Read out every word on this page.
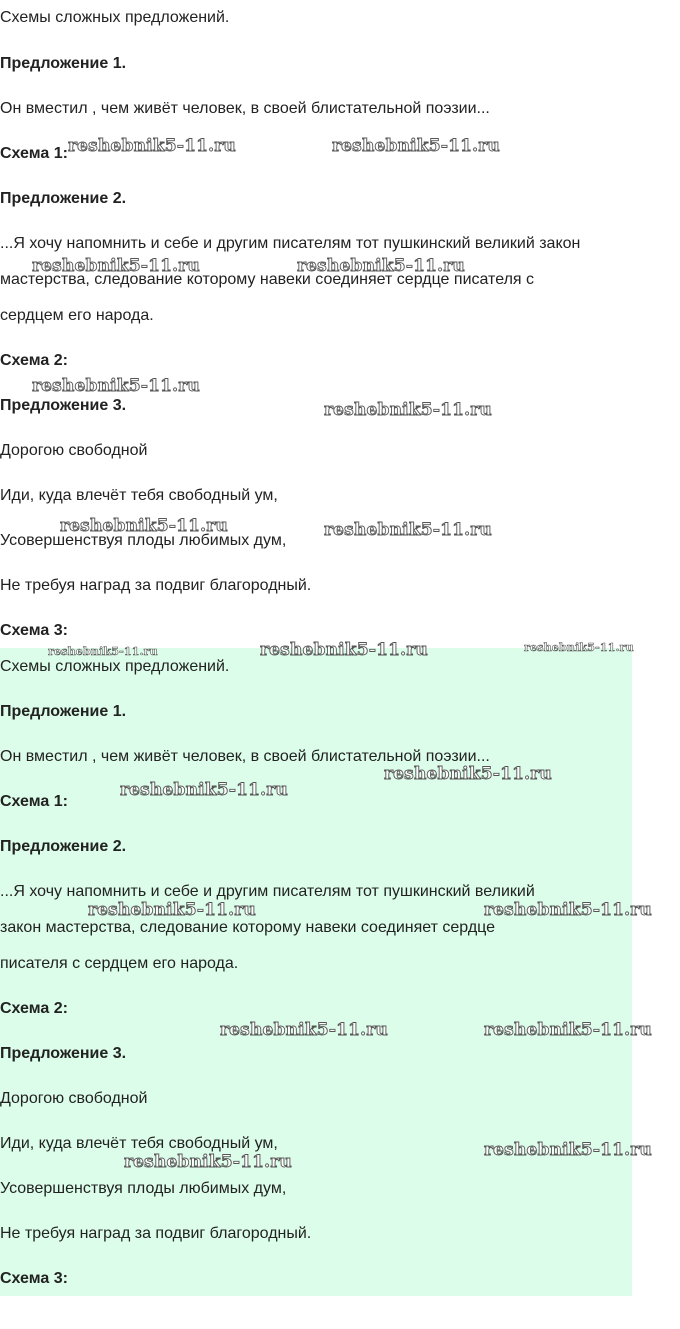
Схемы сложных предложений.

Предложение 1.

Он вместил , чем живёт человек, в своей блистательной поэзии...

Схема 1:

Предложение 2.

...Я хочу напомнить и себе и другим писателям тот пушкинский великий закон

мастерства, следование которому навеки соединяет сердце писателя с

сердцем его народа.

Схема 2:

Предложение 3.

Дорогою свободной

Иди, куда влечёт тебя свободный ум,

Усовершенствуя плоды любимых дум,

Не требуя наград за подвиг благородный.

Схема 3:

Схемы сложных предложений.

Предложение 1.

Он вместил , чем живёт человек, в своей блистательной поэзии...

Схема 1:

Предложение 2.

...Я хочу напомнить и себе и другим писателям тот пушкинский великий

закон мастерства, следование которому навеки соединяет сердце

писателя с сердцем его народа.

Схема 2:

Предложение 3.

Дорогою свободной

Иди, куда влечёт тебя свободный ум,

Усовершенствуя плоды любимых дум,

Не требуя наград за подвиг благородный.

Схема 3:

reshebnik5-11.ru	reshebnik5-11.ru
reshebnik5-11.ru	reshebnik5-11.ru
reshebnik5-11.ru
reshebnik5-11.ru
reshebnik5-11.ru	reshebnik5-11.ru
reshebnik5-11.ru	reshebnik5-11.ru	reshebnik5-11.ru
reshebnik5-11.ru
reshebnik5-11.ru
reshebnik5-11.ru	reshebnik5-11.ru
reshebnik5-11.ru	reshebnik5-11.ru
reshebnik5-11.ru
reshebnik5-11.ru
